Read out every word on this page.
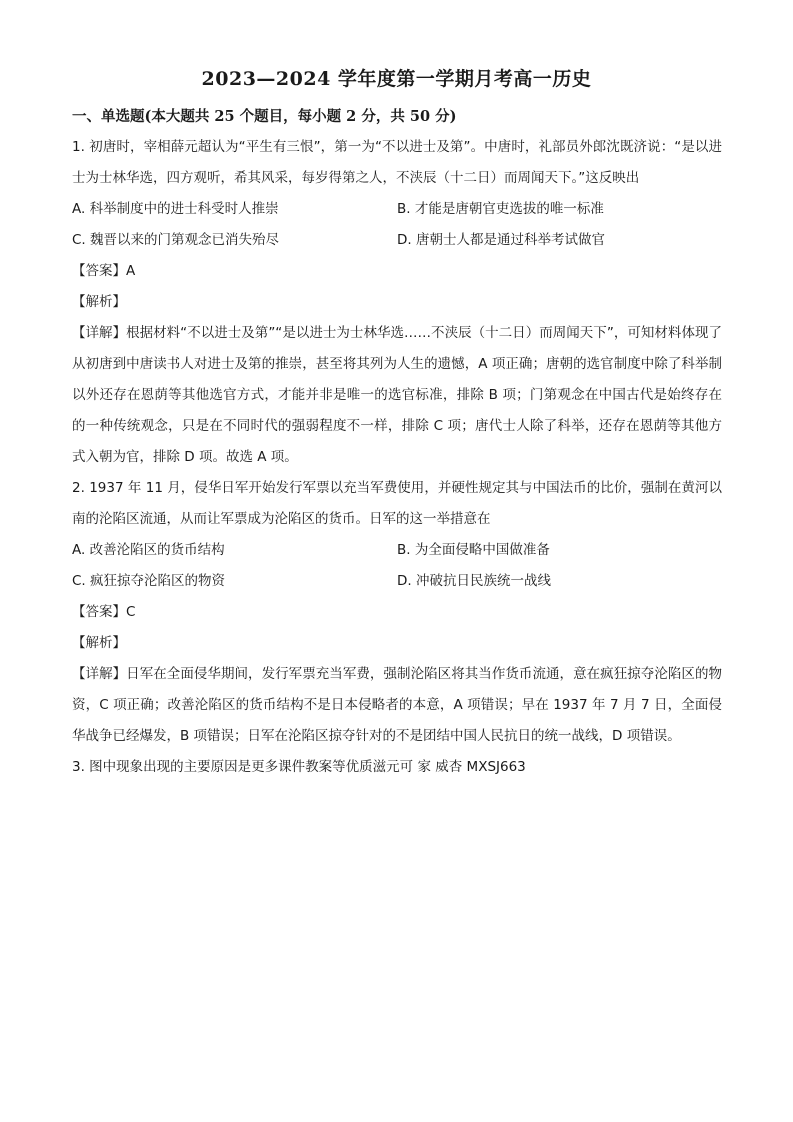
2023—2024 学年度第一学期月考高一历史
一、单选题(本大题共 25 个题目，每小题 2 分，共 50 分)
1. 初唐时，宰相薛元超认为“平生有三恨”，第一为“不以进士及第”。中唐时，礼部员外郎沈既济说：“是以进士为士林华选，四方观听，希其风采，每岁得第之人，不浃辰（十二日）而周闻天下。”这反映出
A. 科举制度中的进士科受时人推崇	B. 才能是唐朝官吏选拔的唯一标准
C. 魏晋以来的门第观念已消失殆尽	D. 唐朝士人都是通过科举考试做官
【答案】A
【解析】
【详解】根据材料“不以进士及第”“是以进士为士林华选……不浃辰（十二日）而周闻天下”，可知材料体现了从初唐到中唐读书人对进士及第的推崇，甚至将其列为人生的遗憾，A 项正确；唐朝的选官制度中除了科举制以外还存在恩荫等其他选官方式，才能并非是唯一的选官标准，排除 B 项；门第观念在中国古代是始终存在的一种传统观念，只是在不同时代的强弱程度不一样，排除 C 项；唐代士人除了科举，还存在恩荫等其他方式入朝为官，排除 D 项。故选 A 项。
2. 1937 年 11 月，侵华日军开始发行军票以充当军费使用，并硬性规定其与中国法币的比价，强制在黄河以南的沦陷区流通，从而让军票成为沦陷区的货币。日军的这一举措意在
A. 改善沦陷区的货币结构	B. 为全面侵略中国做准备
C. 疯狂掠夺沦陷区的物资	D. 冲破抗日民族统一战线
【答案】C
【解析】
【详解】日军在全面侵华期间，发行军票充当军费，强制沦陷区将其当作货币流通，意在疯狂掠夺沦陷区的物资，C 项正确；改善沦陷区的货币结构不是日本侵略者的本意，A 项错误；早在 1937 年 7 月 7 日，全面侵华战争已经爆发，B 项错误；日军在沦陷区掠夺针对的不是团结中国人民抗日的统一战线，D 项错误。
3. 图中现象出现的主要原因是更多课件教案等优质滋元可 家 威杏 MXSJ663
